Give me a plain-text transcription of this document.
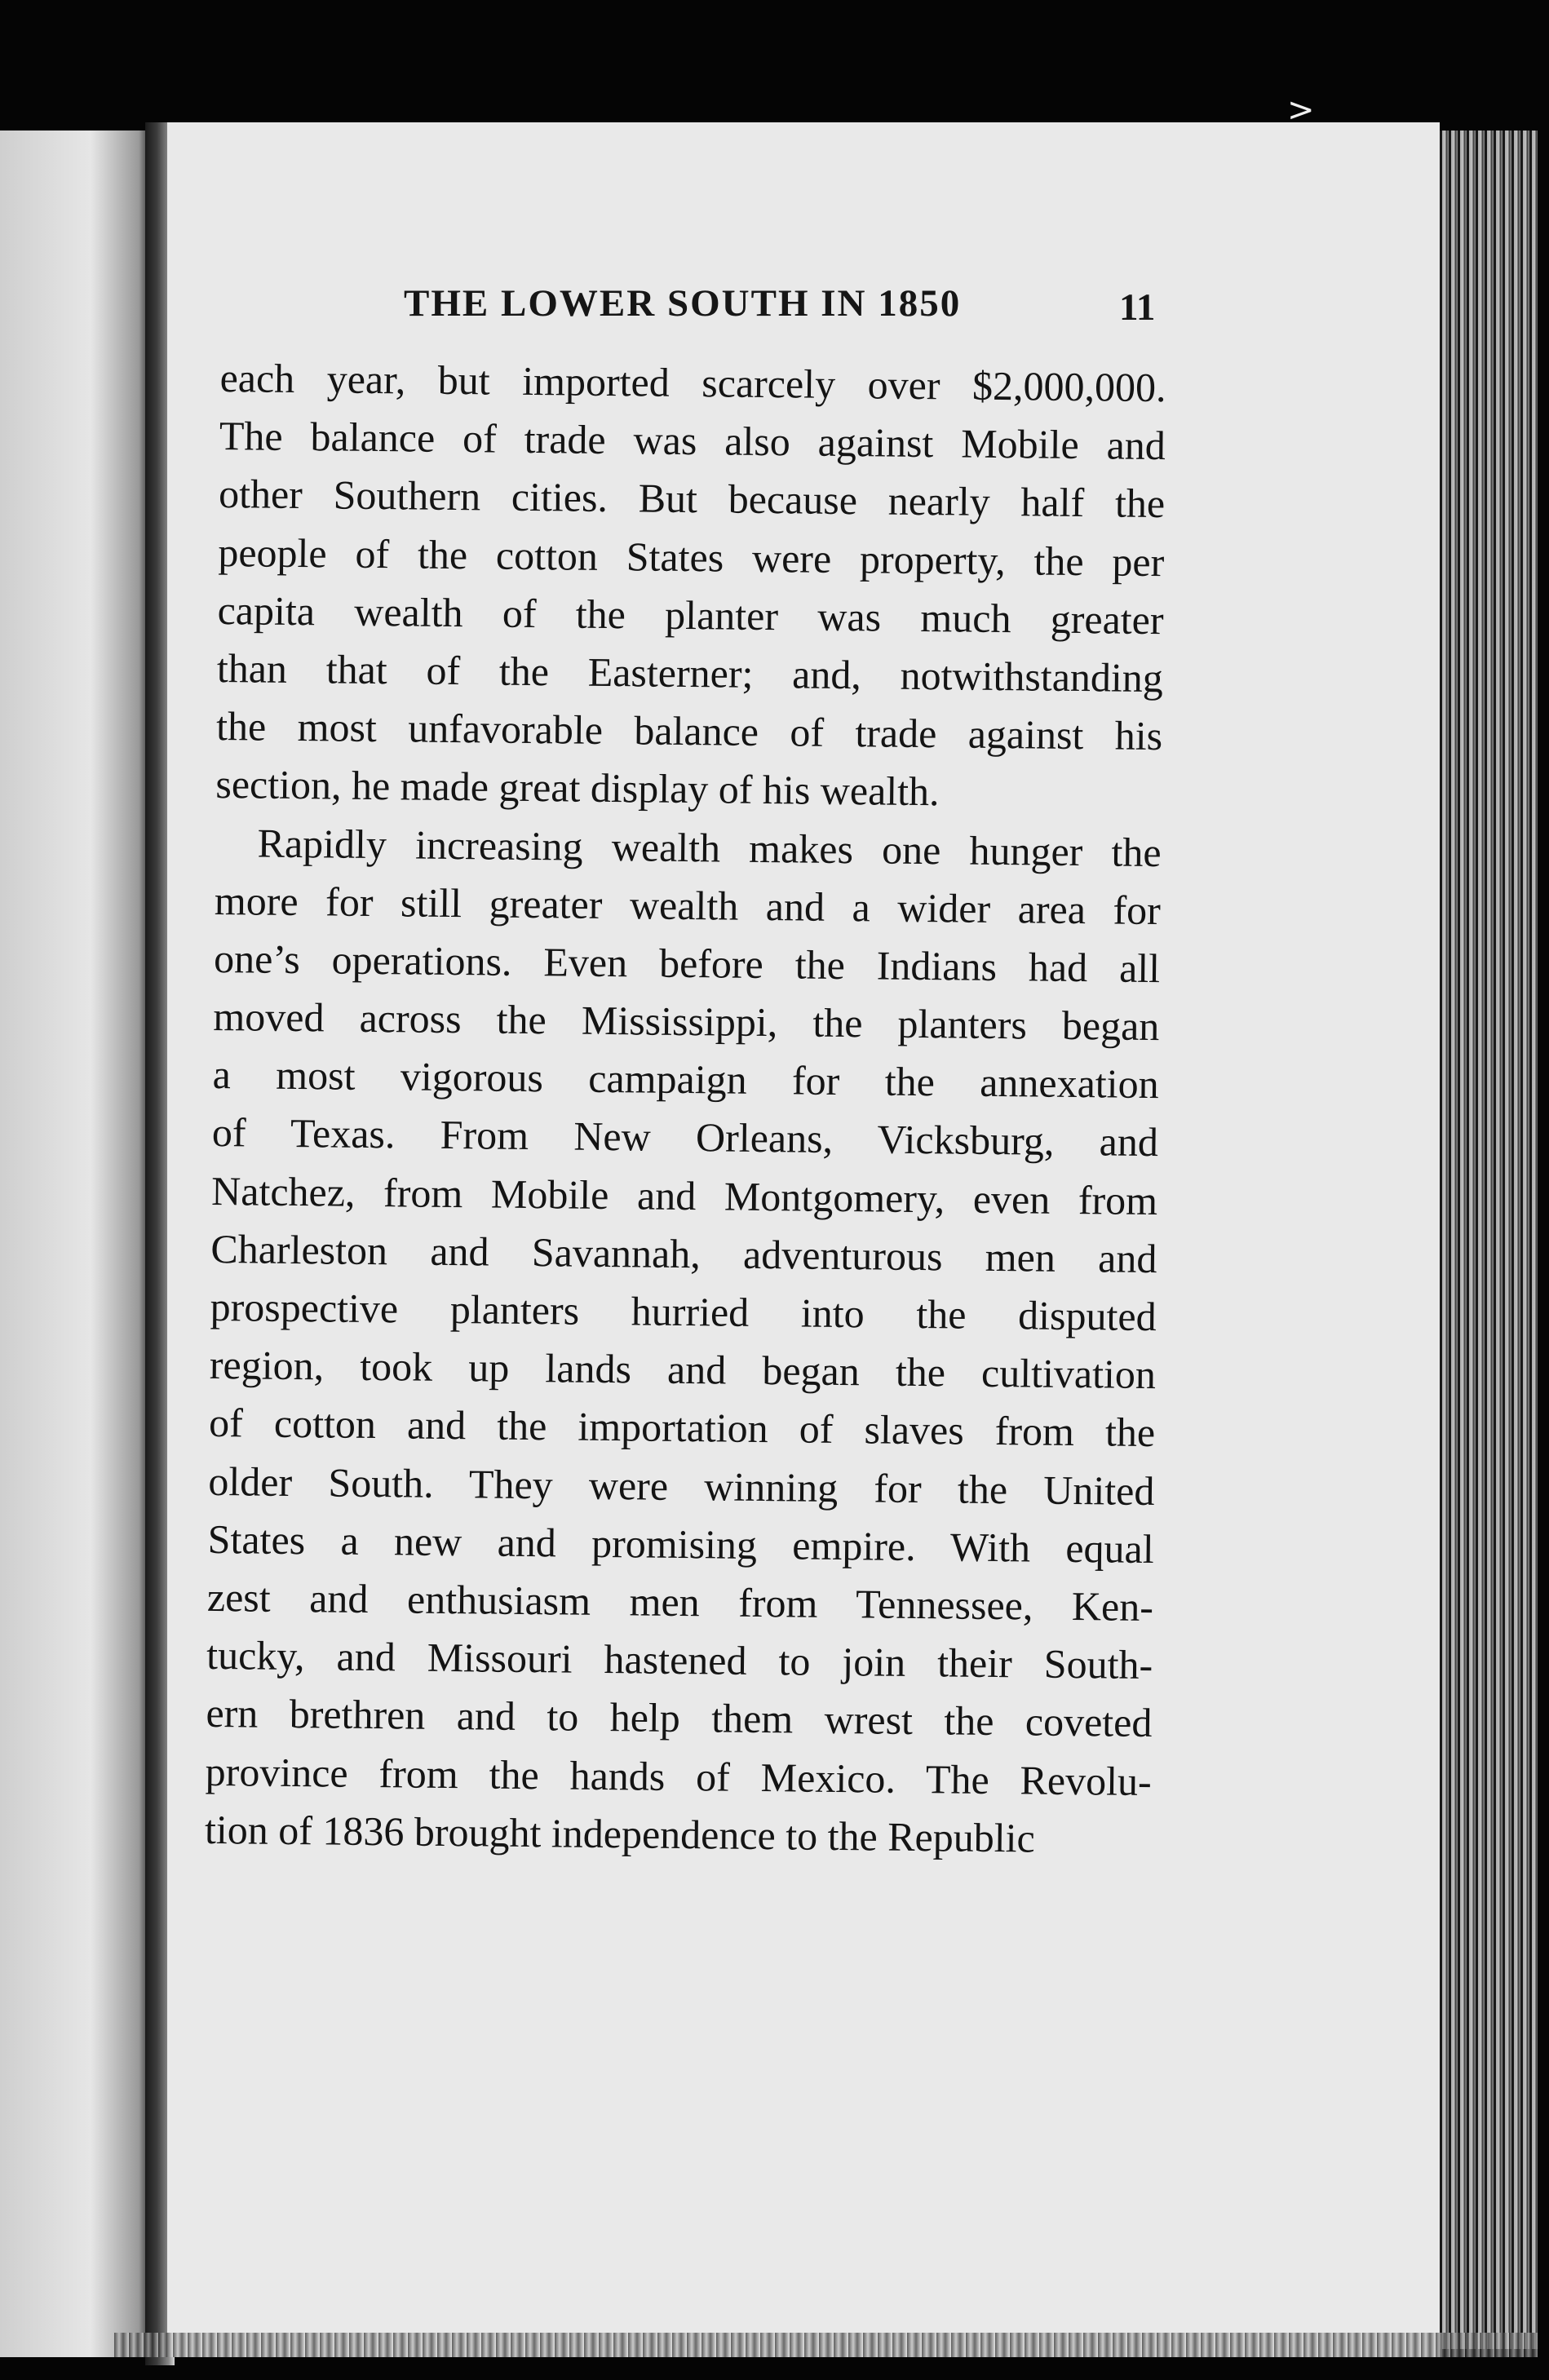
>
THE LOWER SOUTH IN 1850	11
each year, but imported scarcely over $2,000,000.
The balance of trade was also against Mobile and
other Southern cities. But because nearly half the
people of the cotton States were property, the per
capita wealth of the planter was much greater
than that of the Easterner; and, notwithstanding
the most unfavorable balance of trade against his
section, he made great display of his wealth.
Rapidly increasing wealth makes one hunger the
more for still greater wealth and a wider area for
one’s operations. Even before the Indians had all
moved across the Mississippi, the planters began
a most vigorous campaign for the annexation
of Texas. From New Orleans, Vicksburg, and
Natchez, from Mobile and Montgomery, even from
Charleston and Savannah, adventurous men and
prospective planters hurried into the disputed
region, took up lands and began the cultivation
of cotton and the importation of slaves from the
older South. They were winning for the United
States a new and promising empire. With equal
zest and enthusiasm men from Tennessee, Ken-
tucky, and Missouri hastened to join their South-
ern brethren and to help them wrest the coveted
province from the hands of Mexico. The Revolu-
tion of 1836 brought independence to the Republic
